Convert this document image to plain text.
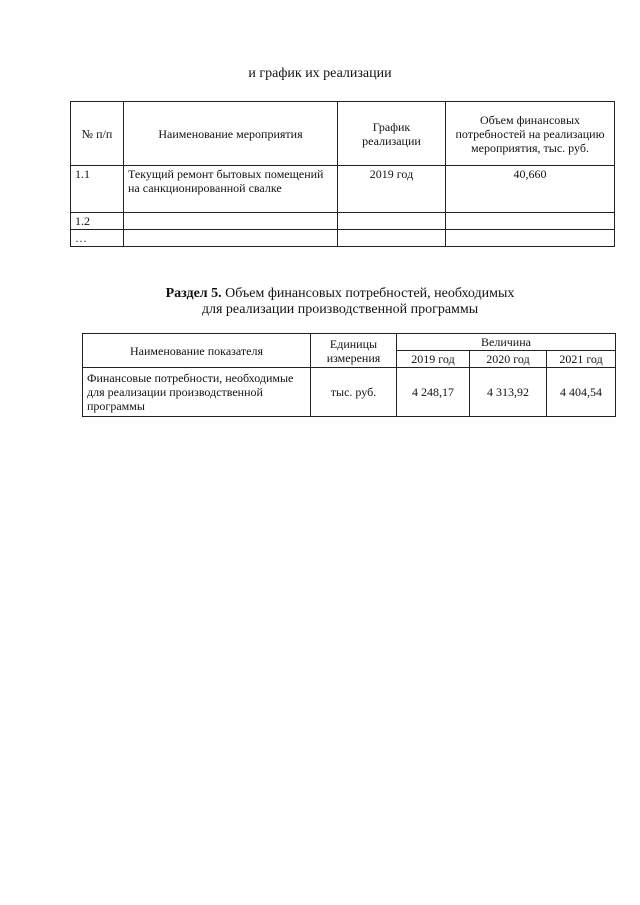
и график их реализации
№ п/п	Наименование мероприятия	График реализации	Объем финансовых потребностей на реализацию мероприятия, тыс. руб.
1.1	Текущий ремонт бытовых помещений на санкционированной свалке	2019 год	40,660
1.2			
…			
Раздел 5. Объем финансовых потребностей, необходимых
для реализации производственной программы
Наименование показателя	Единицы измерения	Величина		
		2019 год	2020 год	2021 год
Финансовые потребности, необходимые для реализации производственной программы	тыс. руб.	4 248,17	4 313,92	4 404,54
